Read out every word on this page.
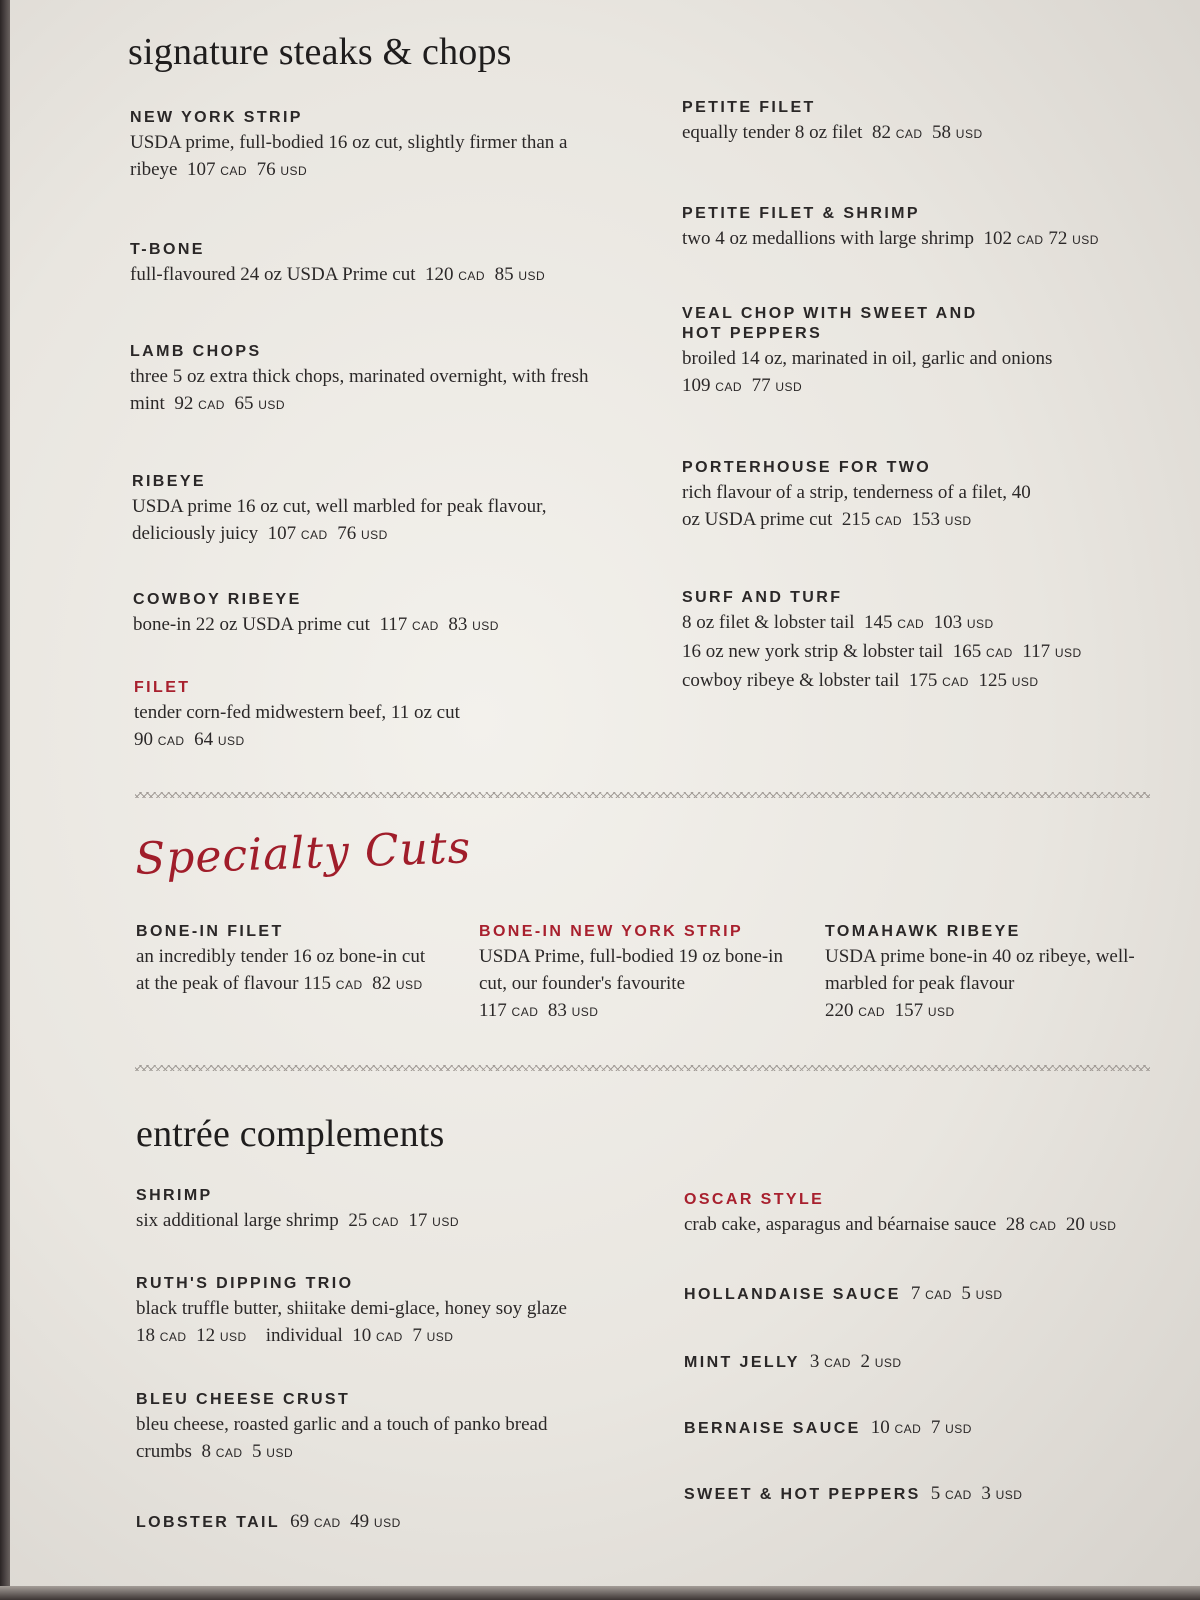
signature steaks & chops
NEW YORK STRIP
USDA prime, full-bodied 16 oz cut, slightly firmer than a ribeye 107 CAD 76 USD
T-BONE
full-flavoured 24 oz USDA Prime cut 120 CAD 85 USD
LAMB CHOPS
three 5 oz extra thick chops, marinated overnight, with fresh mint 92 CAD 65 USD
RIBEYE
USDA prime 16 oz cut, well marbled for peak flavour, deliciously juicy 107 CAD 76 USD
COWBOY RIBEYE
bone-in 22 oz USDA prime cut 117 CAD 83 USD
FILET
tender corn-fed midwestern beef, 11 oz cut  90 CAD 64 USD
PETITE FILET
equally tender 8 oz filet 82 CAD 58 USD
PETITE FILET & SHRIMP
two 4 oz medallions with large shrimp 102 CAD 72 USD
VEAL CHOP WITH SWEET AND HOT PEPPERS
broiled 14 oz, marinated in oil, garlic and onions  109 CAD 77 USD
PORTERHOUSE FOR TWO
rich flavour of a strip, tenderness of a filet, 40 oz USDA prime cut 215 CAD 153 USD
SURF AND TURF
8 oz filet & lobster tail 145 CAD 103 USD
16 oz new york strip & lobster tail 165 CAD 117 USD
cowboy ribeye & lobster tail 175 CAD 125 USD
Specialty Cuts
BONE-IN FILET
an incredibly tender 16 oz bone-in cut at the peak of flavour 115 CAD 82 USD
BONE-IN NEW YORK STRIP
USDA Prime, full-bodied 19 oz bone-in cut, our founder's favourite 117 CAD 83 USD
TOMAHAWK RIBEYE
USDA prime bone-in 40 oz ribeye, well-marbled for peak flavour 220 CAD 157 USD
entrée complements
SHRIMP
six additional large shrimp 25 CAD 17 USD
RUTH'S DIPPING TRIO
black truffle butter, shiitake demi-glace, honey soy glaze  18 CAD 12 USD individual 10 CAD 7 USD
BLEU CHEESE CRUST
bleu cheese, roasted garlic and a touch of panko bread crumbs 8 CAD 5 USD
LOBSTER TAIL 69 CAD 49 USD
OSCAR STYLE
crab cake, asparagus and béarnaise sauce 28 CAD 20 USD
HOLLANDAISE SAUCE 7 CAD 5 USD
MINT JELLY 3 CAD 2 USD
BERNAISE SAUCE 10 CAD 7 USD
SWEET & HOT PEPPERS 5 CAD 3 USD
